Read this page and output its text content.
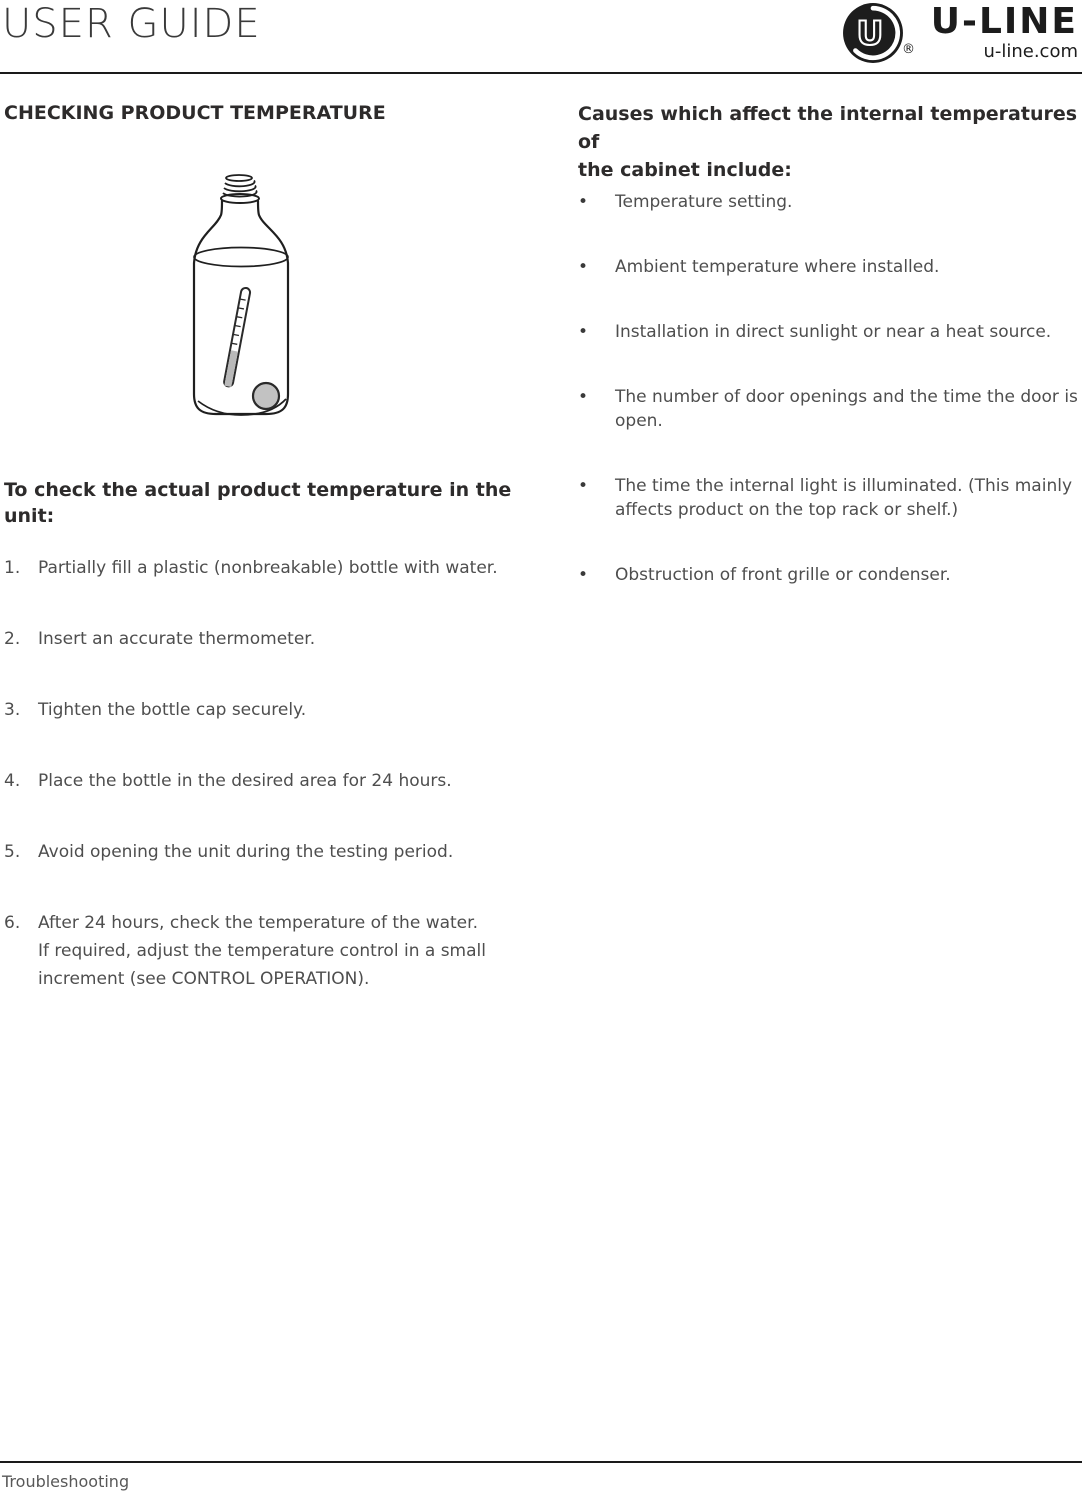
USER GUIDE	U ®
U-LINE
u-line.com
CHECKING PRODUCT TEMPERATURE
To check the actual product temperature in the
unit:
1.	Partially fill a plastic (nonbreakable) bottle with water.
2.	Insert an accurate thermometer.
3.	Tighten the bottle cap securely.
4.	Place the bottle in the desired area for 24 hours.
5.	Avoid opening the unit during the testing period.
6.	After 24 hours, check the temperature of the water.
If required, adjust the temperature control in a small
increment (see CONTROL OPERATION).
Causes which affect the internal temperatures of
the cabinet include:
•	Temperature setting.
•	Ambient temperature where installed.
•	Installation in direct sunlight or near a heat source.
•	The number of door openings and the time the door is
open.
•	The time the internal light is illuminated. (This mainly
affects product on the top rack or shelf.)
•	Obstruction of front grille or condenser.
Troubleshooting
